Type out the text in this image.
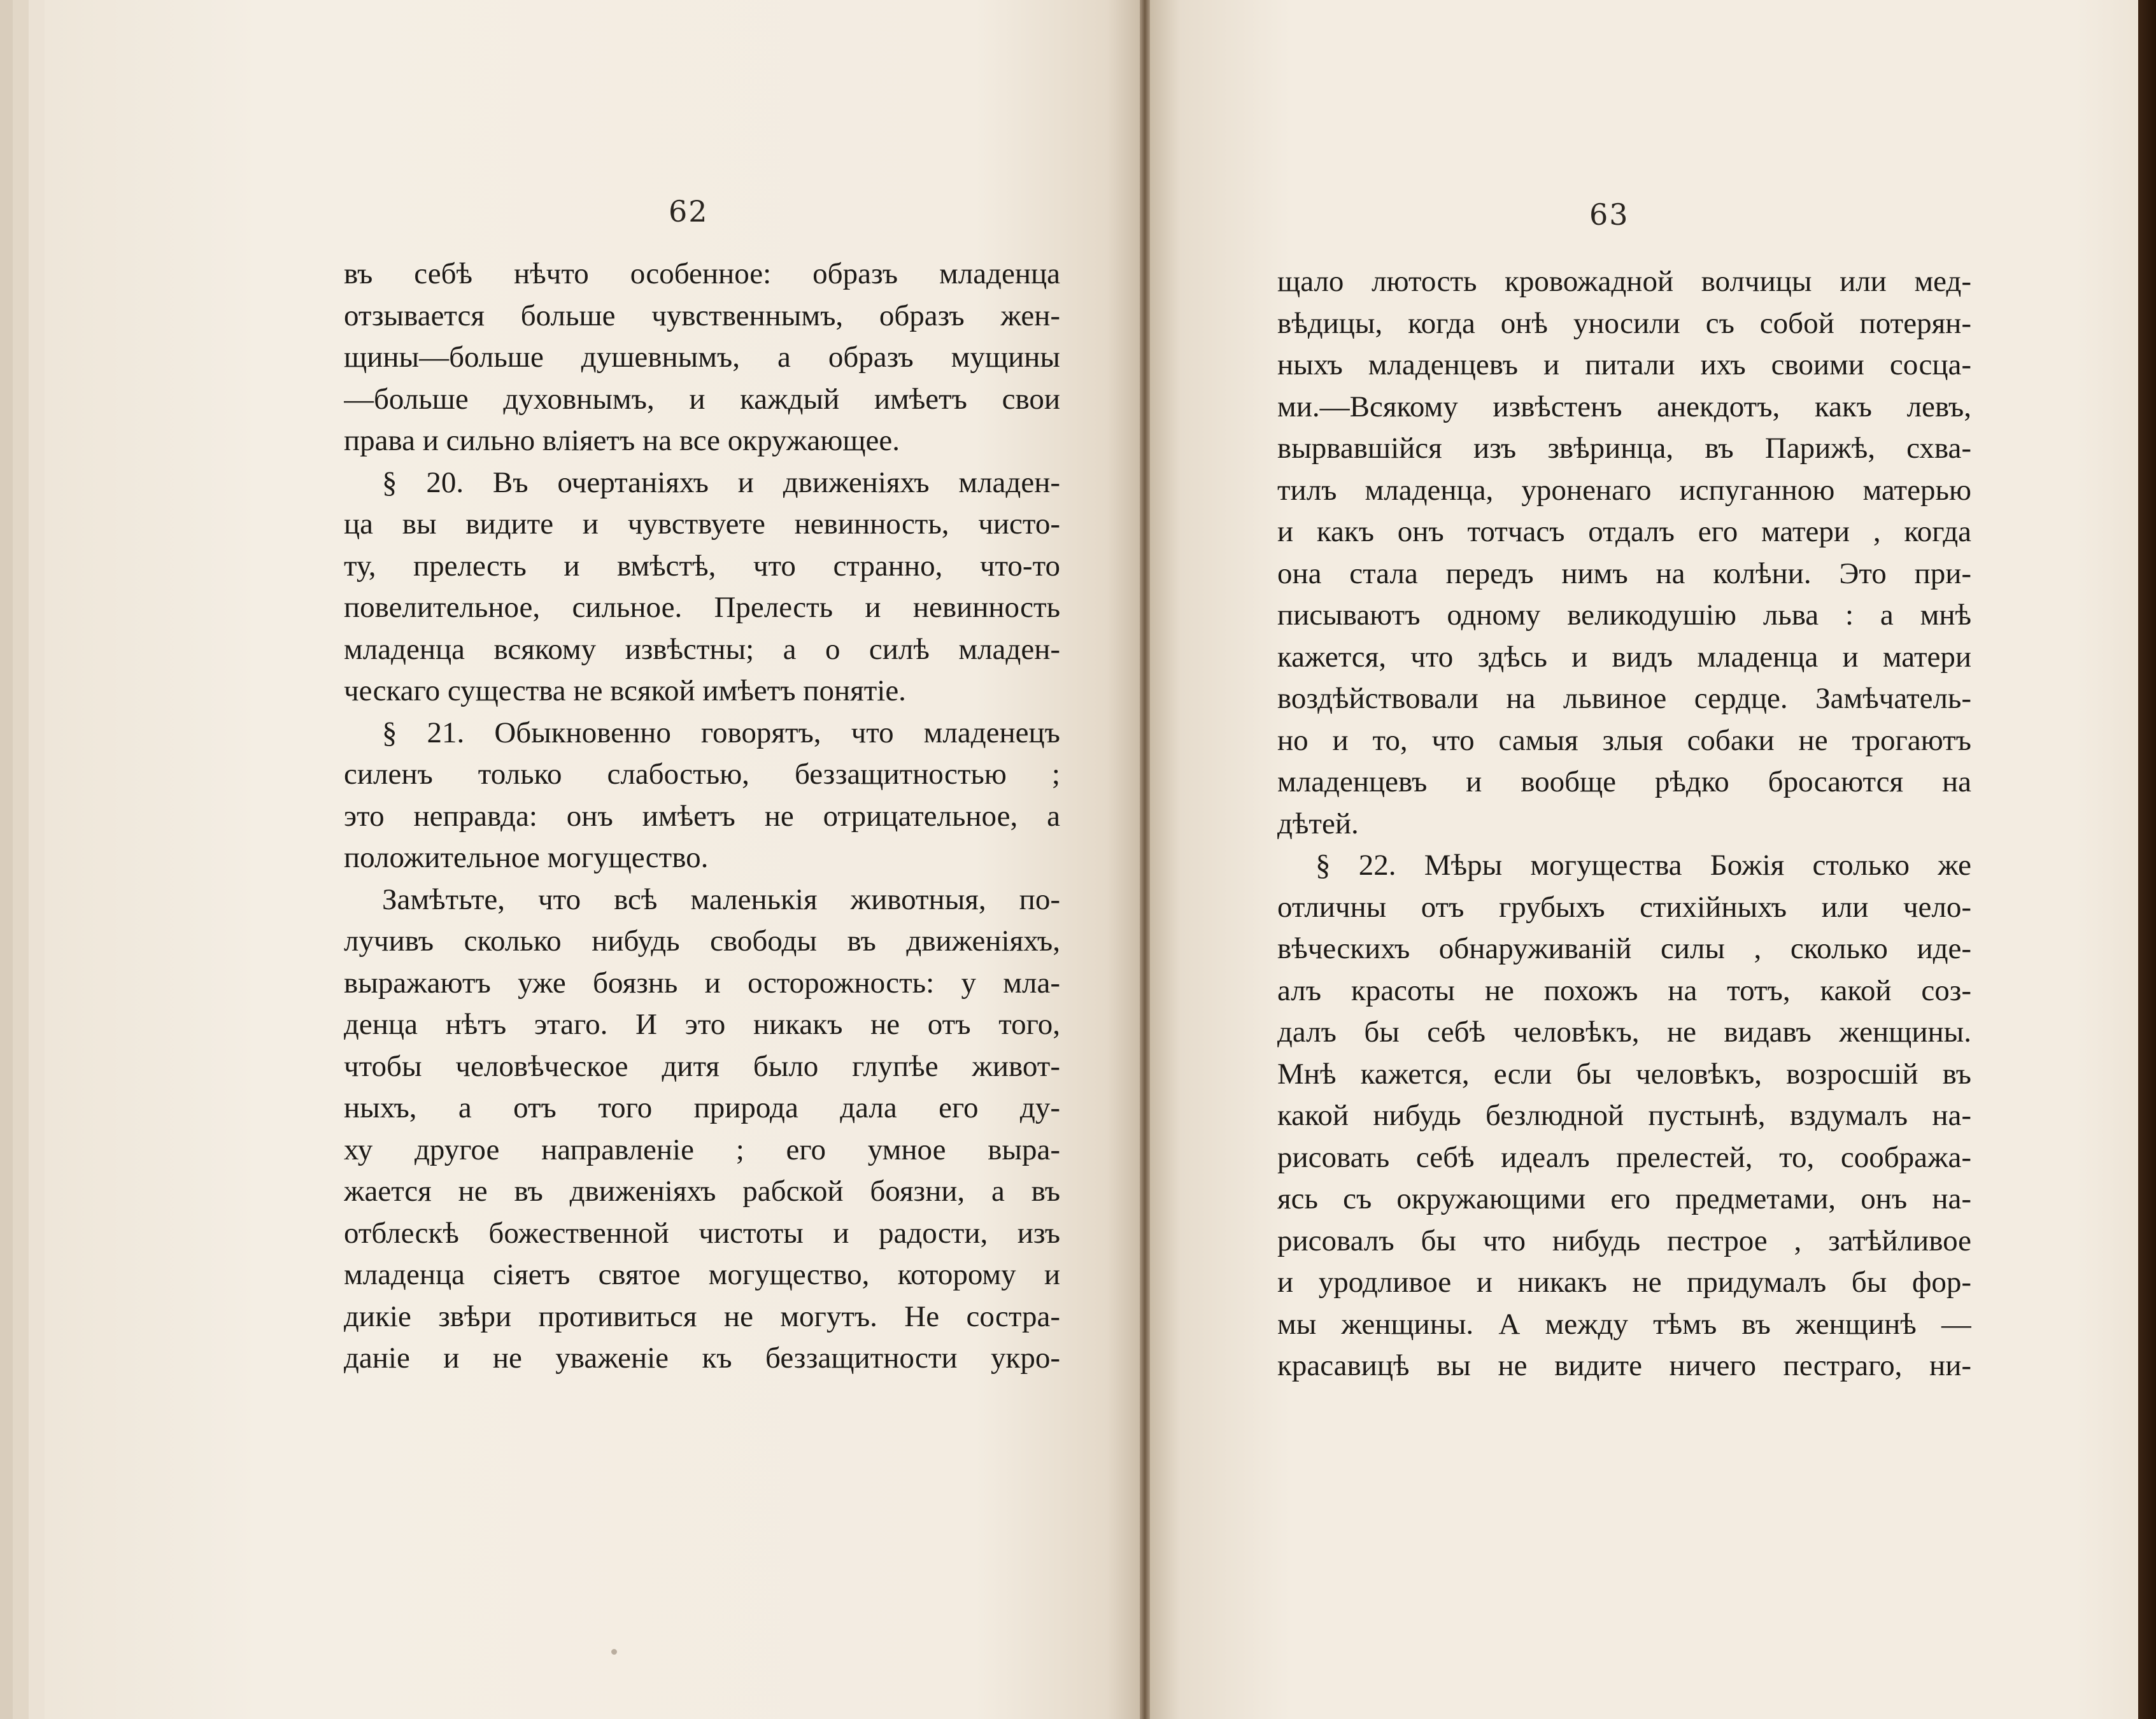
62
въ себѣ нѣчто особенное: образъ младенца
отзывается больше чувственнымъ, образъ жен-
щины—больше душевнымъ, а образъ мущины
—больше духовнымъ, и каждый имѣетъ свои
права и сильно вліяетъ на все окружающее.
§ 20. Въ очертаніяхъ и движеніяхъ младен-
ца вы видите и чувствуете невинность, чисто-
ту, прелесть и вмѣстѣ, что странно, что-то
повелительное, сильное. Прелесть и невинность
младенца всякому извѣстны; а о силѣ младен-
ческаго существа не всякой имѣетъ понятіе.
§ 21. Обыкновенно говорятъ, что младенецъ
силенъ только слабостью, беззащитностью ;
это неправда: онъ имѣетъ не отрицательное, а
положительное могущество.
Замѣтьте, что всѣ маленькія животныя, по-
лучивъ сколько нибудь свободы въ движеніяхъ,
выражаютъ уже боязнь и осторожность: у мла-
денца нѣтъ этаго. И это никакъ не отъ того,
чтобы человѣческое дитя было глупѣе живот-
ныхъ, а отъ того природа дала его ду-
ху другое направленіе ; его умное выра-
жается не въ движеніяхъ рабской боязни, а въ
отблескѣ божественной чистоты и радости, изъ
младенца сіяетъ святое могущество, которому и
дикіе звѣри противиться не могутъ. Не состра-
даніе и не уваженіе къ беззащитности укро-
63
щало лютость кровожадной волчицы или мед-
вѣдицы, когда онѣ уносили съ собой потерян-
ныхъ младенцевъ и питали ихъ своими сосца-
ми.—Всякому извѣстенъ анекдотъ, какъ левъ,
вырвавшійся изъ звѣринца, въ Парижѣ, схва-
тилъ младенца, уроненаго испуганною матерью
и какъ онъ тотчасъ отдалъ его матери , когда
она стала передъ нимъ на колѣни. Это при-
писываютъ одному великодушію льва : а мнѣ
кажется, что здѣсь и видъ младенца и матери
воздѣйствовали на львиное сердце. Замѣчатель-
но и то, что самыя злыя собаки не трогаютъ
младенцевъ и вообще рѣдко бросаются на
дѣтей.
§ 22. Мѣры могущества Божія столько же
отличны отъ грубыхъ стихійныхъ или чело-
вѣческихъ обнаруживаній силы , сколько иде-
алъ красоты не похожъ на тотъ, какой соз-
далъ бы себѣ человѣкъ, не видавъ женщины.
Мнѣ кажется, если бы человѣкъ, возросшій въ
какой нибудь безлюдной пустынѣ, вздумалъ на-
рисовать себѣ идеалъ прелестей, то, сообража-
ясь съ окружающими его предметами, онъ на-
рисовалъ бы что нибудь пестрое , затѣйливое
и уродливое и никакъ не придумалъ бы фор-
мы женщины. А между тѣмъ въ женщинѣ —
красавицѣ вы не видите ничего пестраго, ни-
